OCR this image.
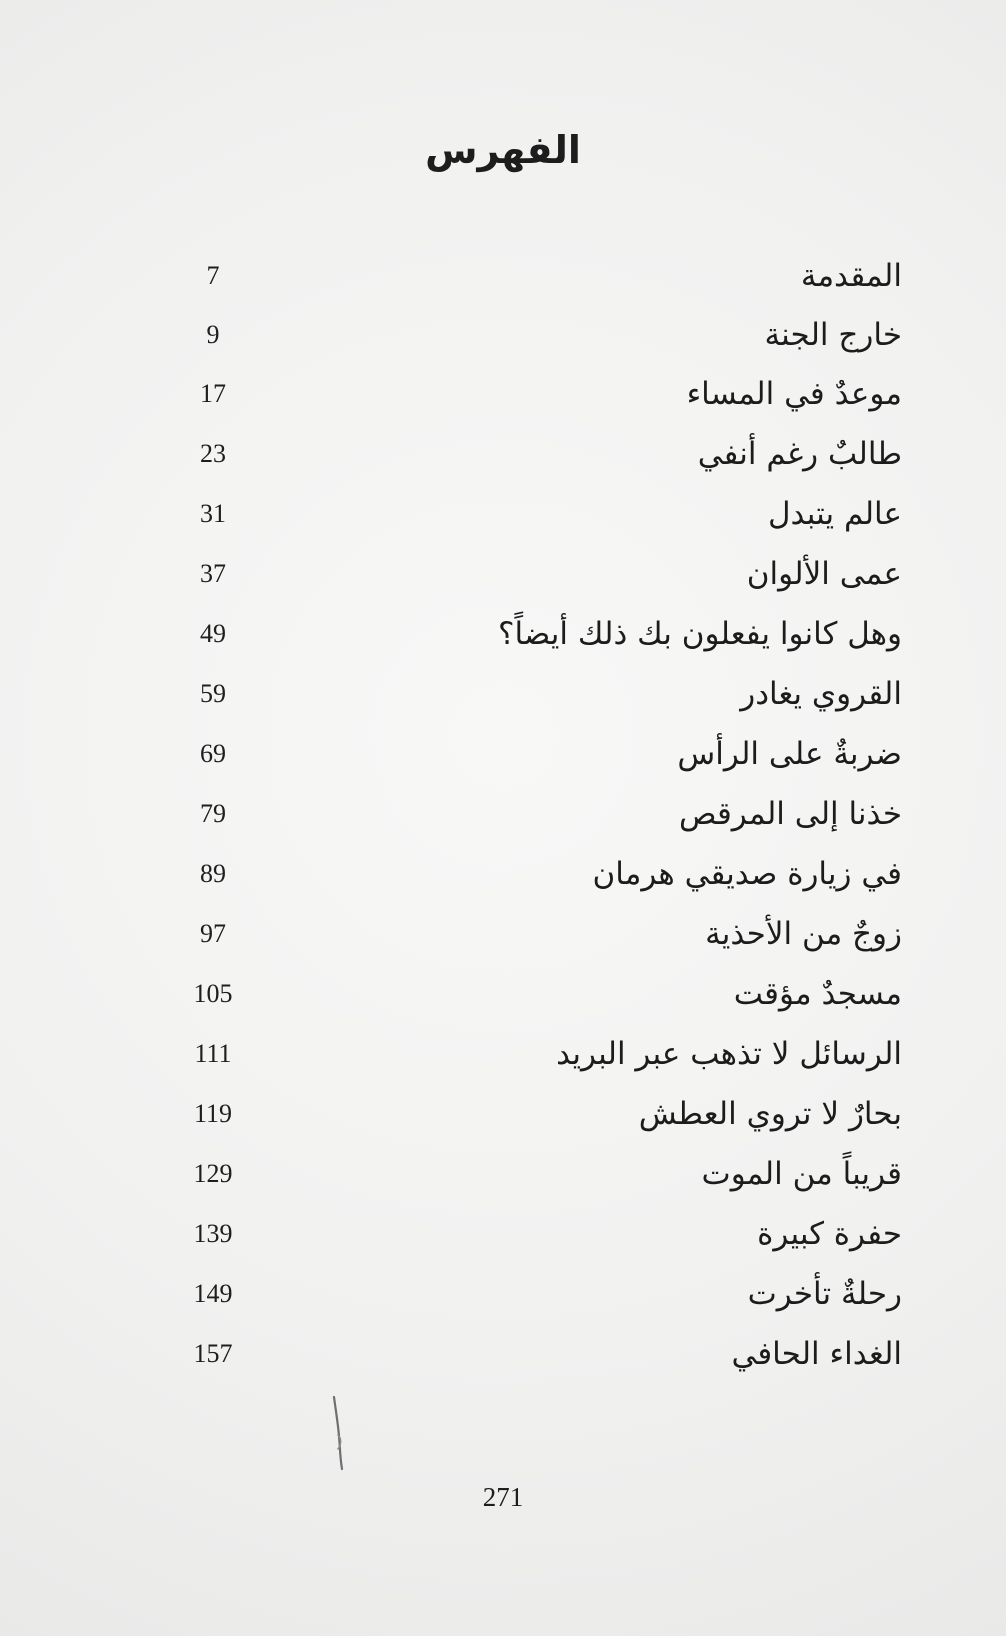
الفهرس
المقدمة
7
خارج الجنة
9
موعدٌ في المساء
17
طالبٌ رغم أنفي
23
عالم يتبدل
31
عمى الألوان
37
وهل كانوا يفعلون بك ذلك أيضاً؟
49
القروي يغادر
59
ضربةٌ على الرأس
69
خذنا إلى المرقص
79
في زيارة صديقي هرمان
89
زوجٌ من الأحذية
97
مسجدٌ مؤقت
105
الرسائل لا تذهب عبر البريد
111
بحارٌ لا تروي العطش
119
قريباً من الموت
129
حفرة كبيرة
139
رحلةٌ تأخرت
149
الغداء الحافي
157
271
